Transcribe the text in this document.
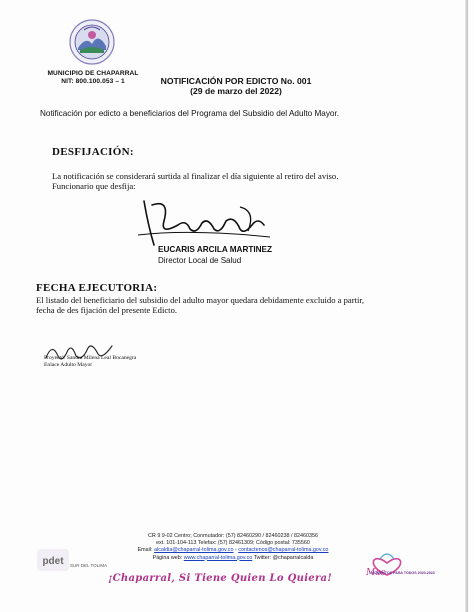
MUNICIPIO DE CHAPARRAL
NIT: 800.100.053 – 1	NOTIFICACIÓN POR EDICTO No. 001
(29 de marzo del 2022)
Notificación por edicto a beneficiarios del Programa del Subsidio del Adulto Mayor.
DESFIJACIÓN:
La notificación se considerará surtida al finalizar el día siguiente al retiro del aviso.
Funcionario que desfija:
EUCARIS ARCILA MARTINEZ
Director Local de Salud
FECHA EJECUTORIA:
El listado del beneficiario del subsidio del adulto mayor quedara debidamente excluido a partir,
fecha de des fijación del presente Edicto.
Proyectó: Sandra Milena Leal Bocanegra
Enlace Adulto Mayor
pdet SUR DEL TOLIMA
CR 9 9-02 Centro; Conmutador: (57) 82460290 / 82460238 / 82460356
ext. 101-104-113 Telefax: (57) 82461309; Código postal: 735560
Email: alcaldia@chaparral-tolima.gov.co - contactenos@chaparral-tolima.gov.co
Página web: www.chaparral-tolima.gov.co Twitter: @chaparralcalda
¡Chaparral, Si Tiene Quien Lo Quiera!	Mas
MOMENTOS PARA TODOS 2020-2023
